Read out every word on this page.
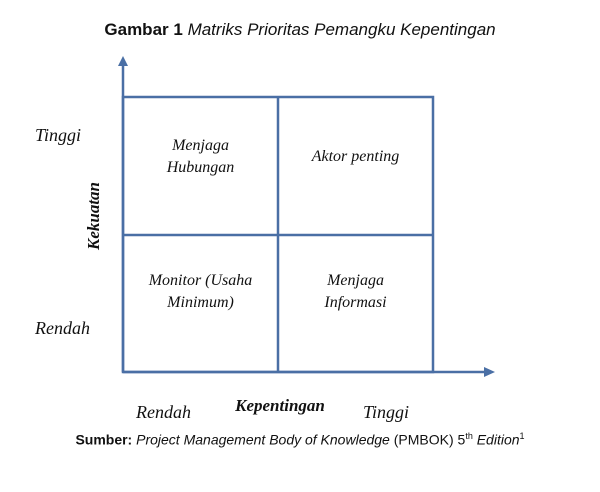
Gambar 1 Matriks Prioritas Pemangku Kepentingan
Tinggi
Rendah
Kekuatan
Menjaga
Hubungan
Aktor penting
Monitor (Usaha
Minimum)
Menjaga
Informasi
Rendah	Kepentingan Tinggi
Sumber: Project Management Body of Knowledge (PMBOK) 5th Edition$^1$
